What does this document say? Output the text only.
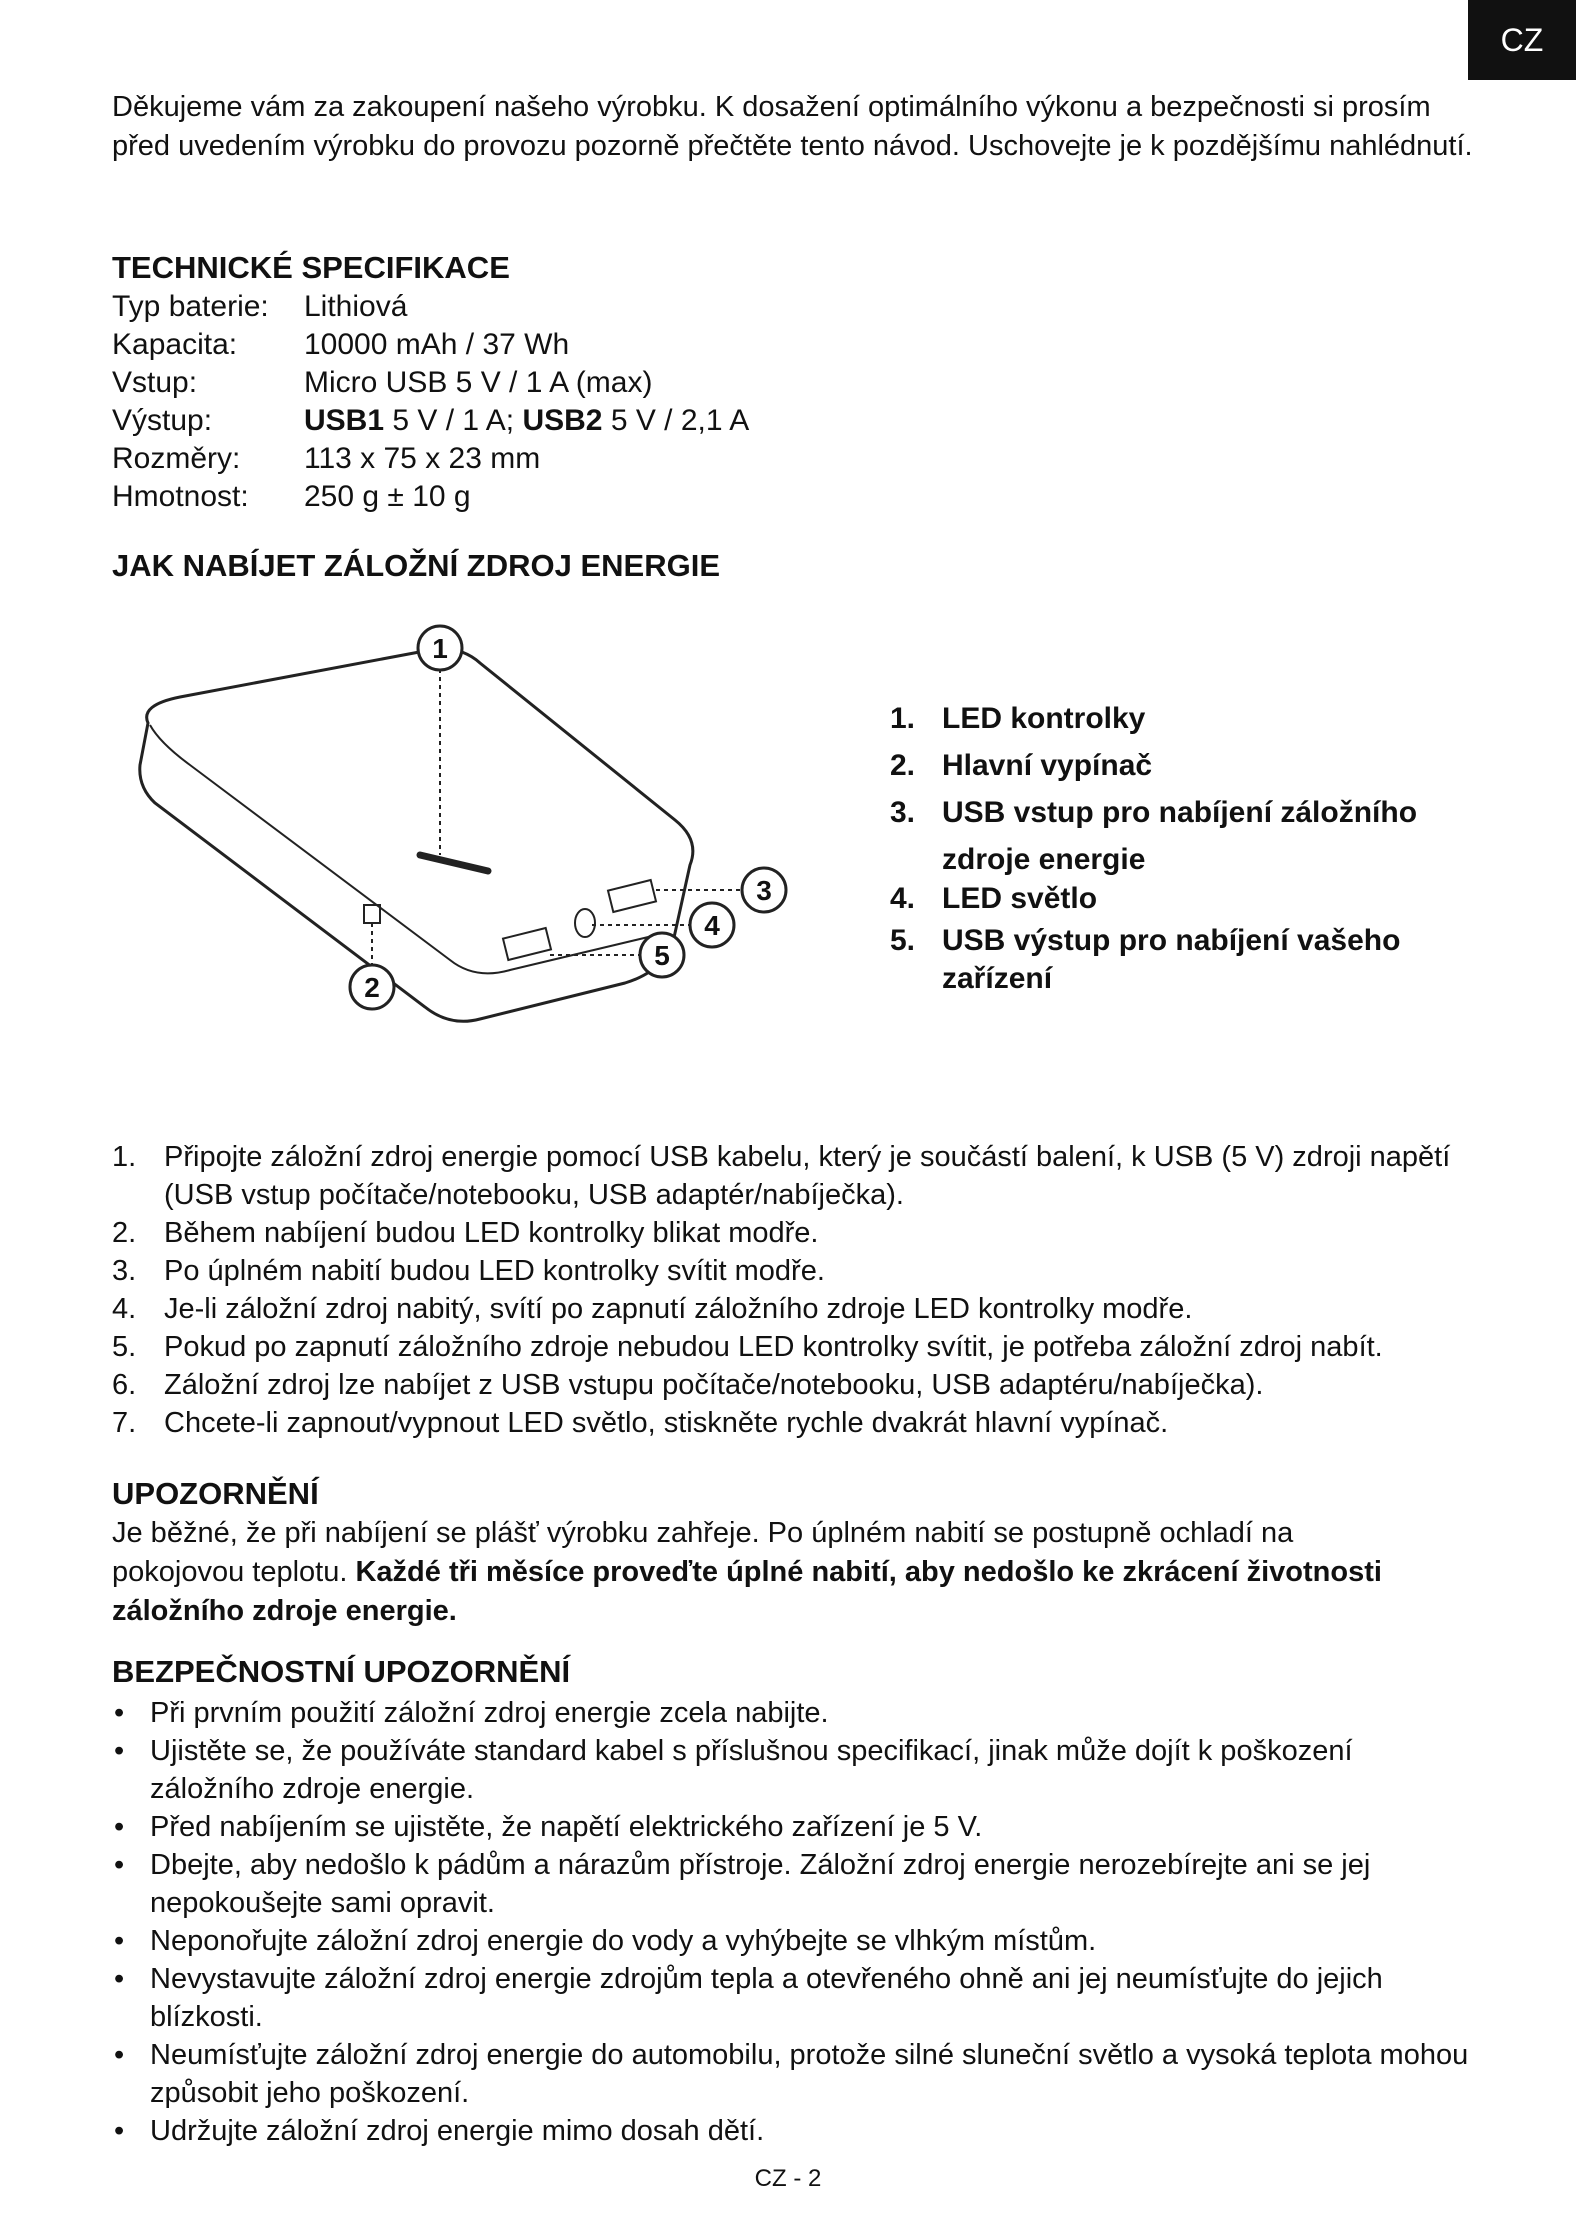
CZ

Děkujeme vám za zakoupení našeho výrobku. K dosažení optimálního výkonu a bezpečnosti si prosím před uvedením výrobku do provozu pozorně přečtěte tento návod. Uschovejte je k pozdějšímu nahlédnutí.

TECHNICKÉ SPECIFIKACE
Typ baterie:	Lithiová
Kapacita:	10000 mAh / 37 Wh
Vstup:	Micro USB 5 V / 1 A (max)
Výstup:	USB1 5 V / 1 A; USB2 5 V / 2,1 A
Rozměry:	113 x 75 x 23 mm
Hmotnost:	250 g ± 10 g
JAK NABÍJET ZÁLOŽNÍ ZDROJ ENERGIE
1
2
3
4
5
1. LED kontrolky
2. Hlavní vypínač
3. USB vstup pro nabíjení záložního zdroje energie
4. LED světlo
5. USB výstup pro nabíjení vašeho zařízení
1. Připojte záložní zdroj energie pomocí USB kabelu, který je součástí balení, k USB (5 V) zdroji napětí (USB vstup počítače/notebooku, USB adaptér/nabíječka).
2. Během nabíjení budou LED kontrolky blikat modře.
3. Po úplném nabití budou LED kontrolky svítit modře.
4. Je-li záložní zdroj nabitý, svítí po zapnutí záložního zdroje LED kontrolky modře.
5. Pokud po zapnutí záložního zdroje nebudou LED kontrolky svítit, je potřeba záložní zdroj nabít.
6. Záložní zdroj lze nabíjet z USB vstupu počítače/notebooku, USB adaptéru/nabíječka).
7. Chcete-li zapnout/vypnout LED světlo, stiskněte rychle dvakrát hlavní vypínač.
UPOZORNĚNÍ

Je běžné, že při nabíjení se plášť výrobku zahřeje. Po úplném nabití se postupně ochladí na pokojovou teplotu. Každé tři měsíce proveďte úplné nabití, aby nedošlo ke zkrácení životnosti záložního zdroje energie.

BEZPEČNOSTNÍ UPOZORNĚNÍ
• Při prvním použití záložní zdroj energie zcela nabijte.
• Ujistěte se, že používáte standard kabel s příslušnou specifikací, jinak může dojít k poškození záložního zdroje energie.
• Před nabíjením se ujistěte, že napětí elektrického zařízení je 5 V.
• Dbejte, aby nedošlo k pádům a nárazům přístroje. Záložní zdroj energie nerozebírejte ani se jej nepokoušejte sami opravit.
• Neponořujte záložní zdroj energie do vody a vyhýbejte se vlhkým místům.
• Nevystavujte záložní zdroj energie zdrojům tepla a otevřeného ohně ani jej neumísťujte do jejich blízkosti.
• Neumísťujte záložní zdroj energie do automobilu, protože silné sluneční světlo a vysoká teplota mohou způsobit jeho poškození.
• Udržujte záložní zdroj energie mimo dosah dětí.
CZ - 2
